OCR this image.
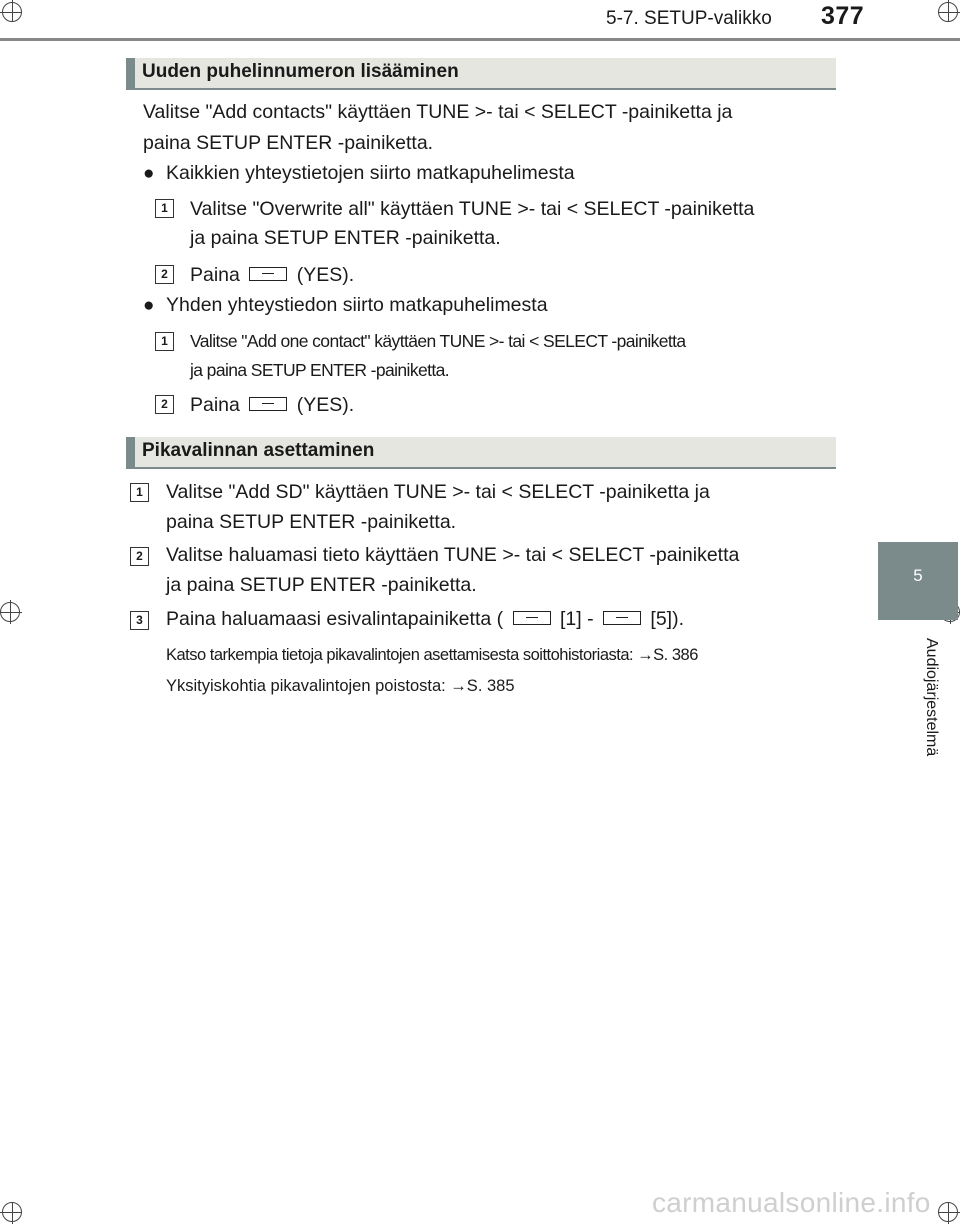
5-7. SETUP-valikko 377
5
Audiojärjestelmä
Uuden puhelinnumeron lisääminen
Valitse "Add contacts" käyttäen TUNE >- tai < SELECT -painiketta ja
paina SETUP ENTER -painiketta.
● Kaikkien yhteystietojen siirto matkapuhelimesta
1	Valitse "Overwrite all" käyttäen TUNE >- tai < SELECT -painiketta
ja paina SETUP ENTER -painiketta.
2	Paina	(YES).
● Yhden yhteystiedon siirto matkapuhelimesta
1	Valitse "Add one contact" käyttäen TUNE >- tai < SELECT -painiketta
ja paina SETUP ENTER -painiketta.
2	Paina	(YES).
Pikavalinnan asettaminen
1	Valitse "Add SD" käyttäen TUNE >- tai < SELECT -painiketta ja
paina SETUP ENTER -painiketta.
2	Valitse haluamasi tieto käyttäen TUNE >- tai < SELECT -painiketta
ja paina SETUP ENTER -painiketta.
3	Paina haluamaasi esivalintapainiketta (	[1] -	[5]).
Katso tarkempia tietoja pikavalintojen asettamisesta soittohistoriasta: →S. 386
Yksityiskohtia pikavalintojen poistosta: →S. 385
carmanualsonline.info
